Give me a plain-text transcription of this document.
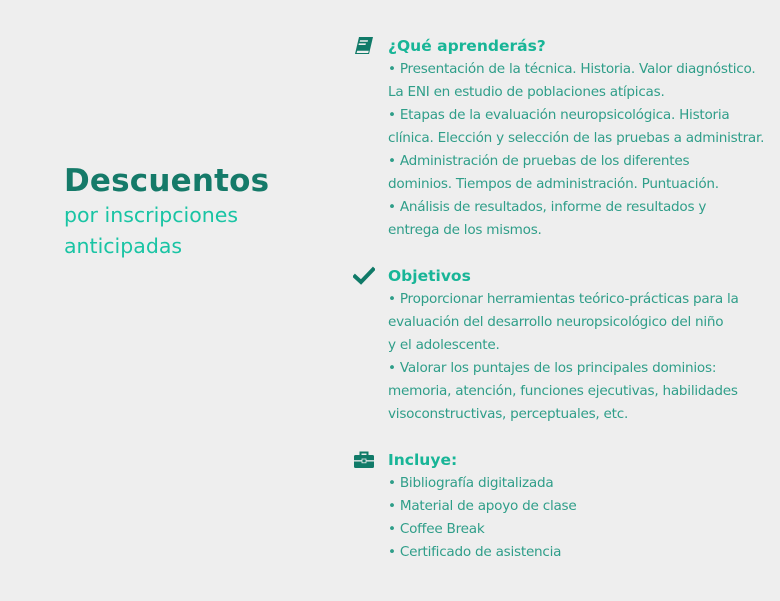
Descuentos
por inscripciones
anticipadas
¿Qué aprenderás?
• Presentación de la técnica. Historia. Valor diagnóstico.
La ENI en estudio de poblaciones atípicas.
• Etapas de la evaluación neuropsicológica. Historia
clínica. Elección y selección de las pruebas a administrar.
• Administración de pruebas de los diferentes
dominios. Tiempos de administración. Puntuación.
• Análisis de resultados, informe de resultados y
entrega de los mismos.
Objetivos
• Proporcionar herramientas teórico-prácticas para la
evaluación del desarrollo neuropsicológico del niño
y el adolescente.
• Valorar los puntajes de los principales dominios:
memoria, atención, funciones ejecutivas, habilidades
visoconstructivas, perceptuales, etc.
Incluye:
• Bibliografía digitalizada
• Material de apoyo de clase
• Coffee Break
• Certificado de asistencia
